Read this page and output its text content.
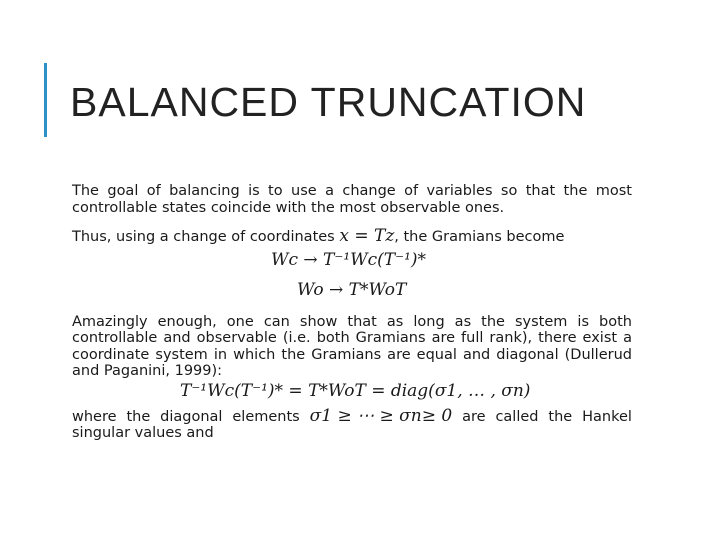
BALANCED TRUNCATION

The goal of balancing is to use a change of variables so that the most controllable states coincide with the most observable ones.

Thus, using a change of coordinates x = Tz, the Gramians become

Wc → T⁻¹Wc(T⁻¹)*
Wo → T*WoT

Amazingly enough, one can show that as long as the system is both controllable and observable (i.e. both Gramians are full rank), there exist a coordinate system in which the Gramians are equal and diagonal (Dullerud and Paganini, 1999):

T⁻¹Wc(T⁻¹)* = T*WoT = diag(σ1, … , σn)
where the diagonal elements σ1 ≥ ⋯ ≥ σn≥ 0 are called the Hankel

singular values and
